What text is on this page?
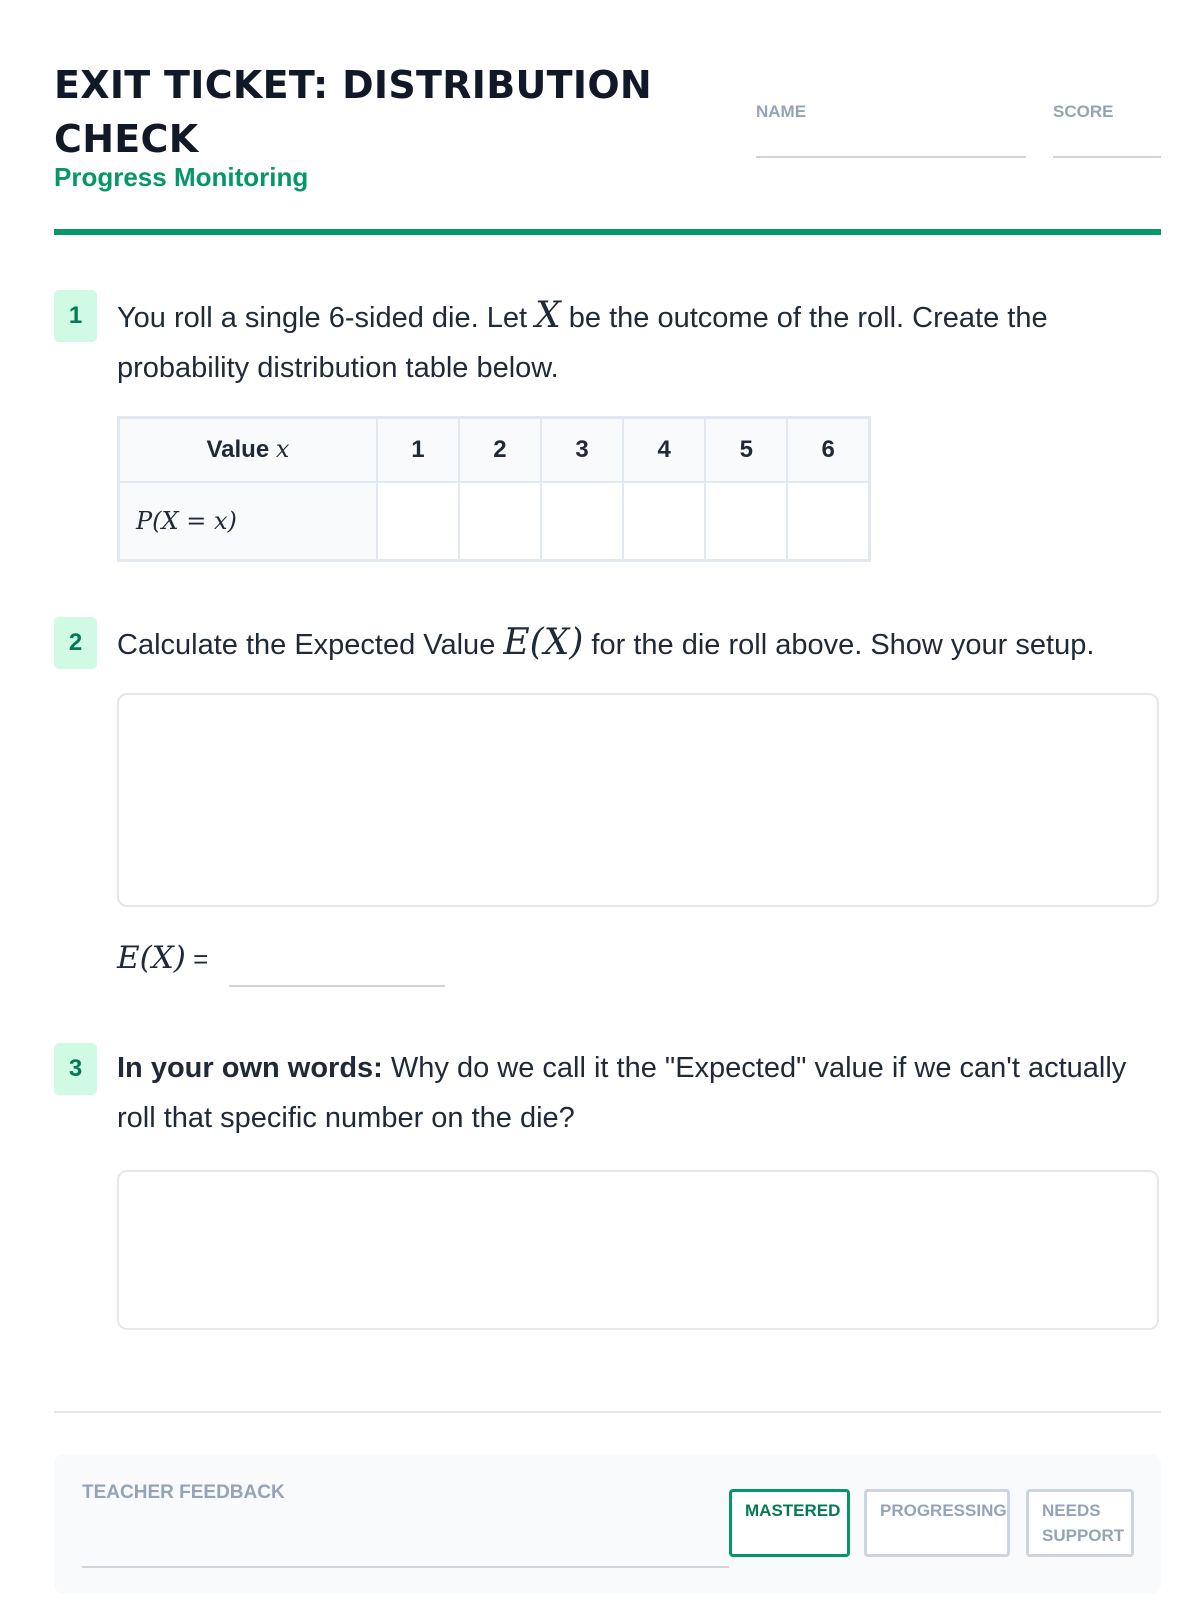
EXIT TICKET: DISTRIBUTION CHECK
Progress Monitoring
NAME	SCORE
1	You roll a single 6-sided die. Let X be the outcome of the roll. Create the probability distribution table below.
Value x	1	2	3	4	5	6
P(X = x)						
2	Calculate the Expected Value E(X) for the die roll above. Show your setup.
E(X) =
3	In your own words: Why do we call it the "Expected" value if we can't actually roll that specific number on the die?
TEACHER FEEDBACK
MASTERED	PROGRESSING	NEEDS SUPPORT
